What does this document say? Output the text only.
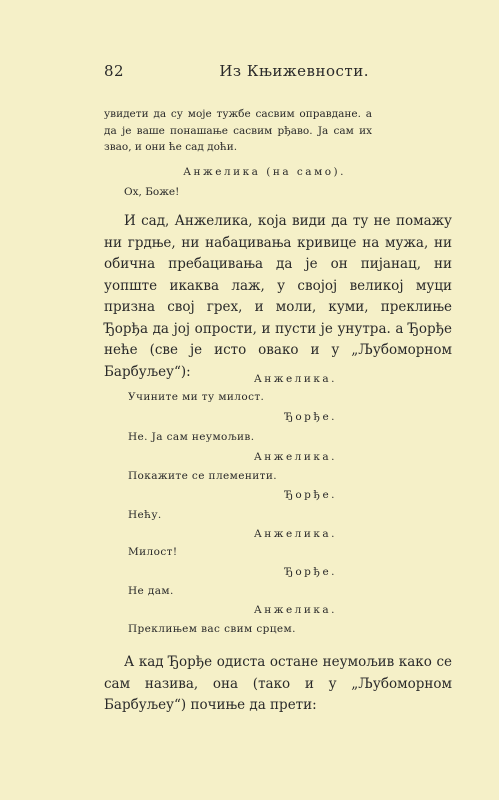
82	Из Књижевности.
увидети да су моје тужбе сасвим оправдане. а да је ваше понашање сасвим рђаво. Ја сам их звао, и они ће сад доћи.
Анжелика (на само).
Ох, Боже!
И сад, Анжелика, која види да ту не помажу ни грдње, ни набацивања кривице на мужа, ни обична пребацивања да је он пијанац, ни уопште икаква лаж, у својој великој муци призна свој грех, и моли, куми, преклиње Ђорђа да јој опрости, и пусти је унутра. а Ђорђе неће (све је исто овако и у „Љубоморном Барбуљеу“):	Анжелика.
Учините ми ту милост.
Ђорђе.
Не. Ја сам неумољив.
Анжелика.
Покажите се племенити.
Ђорђе.
Нећу.
Анжелика.
Милост!
Ђорђе.
Не дам.
Анжелика.
Преклињем вас свим срцем.
А кад Ђорђе одиста остане неумољив како се сам назива, она (тако и у „Љубоморном Барбуљеу“) почиње да прети:
